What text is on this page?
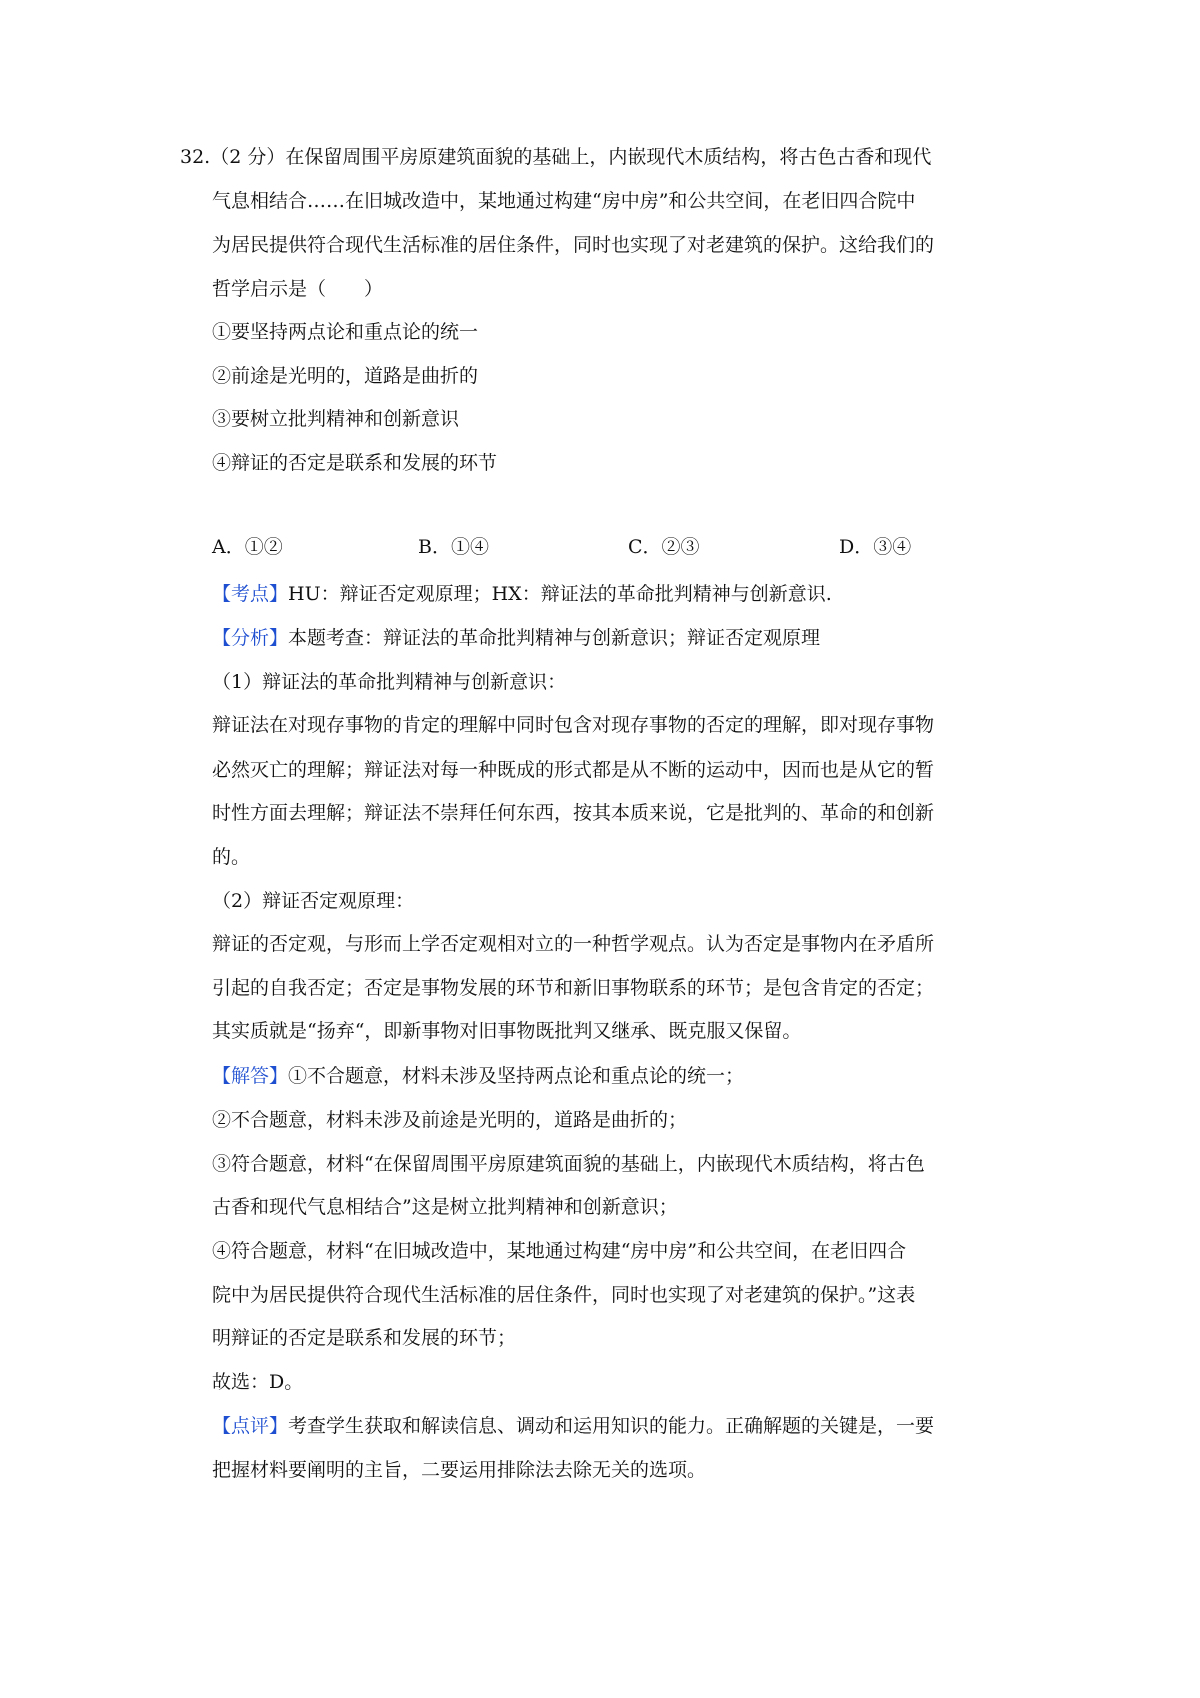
32.（2 分）在保留周围平房原建筑面貌的基础上，内嵌现代木质结构，将古色古香和现代
气息相结合……在旧城改造中，某地通过构建“房中房”和公共空间，在老旧四合院中
为居民提供符合现代生活标准的居住条件，同时也实现了对老建筑的保护。这给我们的
哲学启示是（　　）
①要坚持两点论和重点论的统一
②前途是光明的，道路是曲折的
③要树立批判精神和创新意识
④辩证的否定是联系和发展的环节
A．①②	B．①④	C．②③	D．③④
【考点】HU：辩证否定观原理；HX：辩证法的革命批判精神与创新意识.
【分析】本题考查：辩证法的革命批判精神与创新意识；辩证否定观原理
（1）辩证法的革命批判精神与创新意识：
辩证法在对现存事物的肯定的理解中同时包含对现存事物的否定的理解，即对现存事物
必然灭亡的理解；辩证法对每一种既成的形式都是从不断的运动中，因而也是从它的暂
时性方面去理解；辩证法不崇拜任何东西，按其本质来说，它是批判的、革命的和创新
的。
（2）辩证否定观原理：
辩证的否定观，与形而上学否定观相对立的一种哲学观点。认为否定是事物内在矛盾所
引起的自我否定；否定是事物发展的环节和新旧事物联系的环节；是包含肯定的否定；
其实质就是“扬弃“，即新事物对旧事物既批判又继承、既克服又保留。
【解答】①不合题意，材料未涉及坚持两点论和重点论的统一；
②不合题意，材料未涉及前途是光明的，道路是曲折的；
③符合题意，材料“在保留周围平房原建筑面貌的基础上，内嵌现代木质结构，将古色
古香和现代气息相结合”这是树立批判精神和创新意识；
④符合题意，材料“在旧城改造中，某地通过构建“房中房”和公共空间，在老旧四合
院中为居民提供符合现代生活标准的居住条件，同时也实现了对老建筑的保护。”这表
明辩证的否定是联系和发展的环节；
故选：D。
【点评】考查学生获取和解读信息、调动和运用知识的能力。正确解题的关键是，一要
把握材料要阐明的主旨，二要运用排除法去除无关的选项。
